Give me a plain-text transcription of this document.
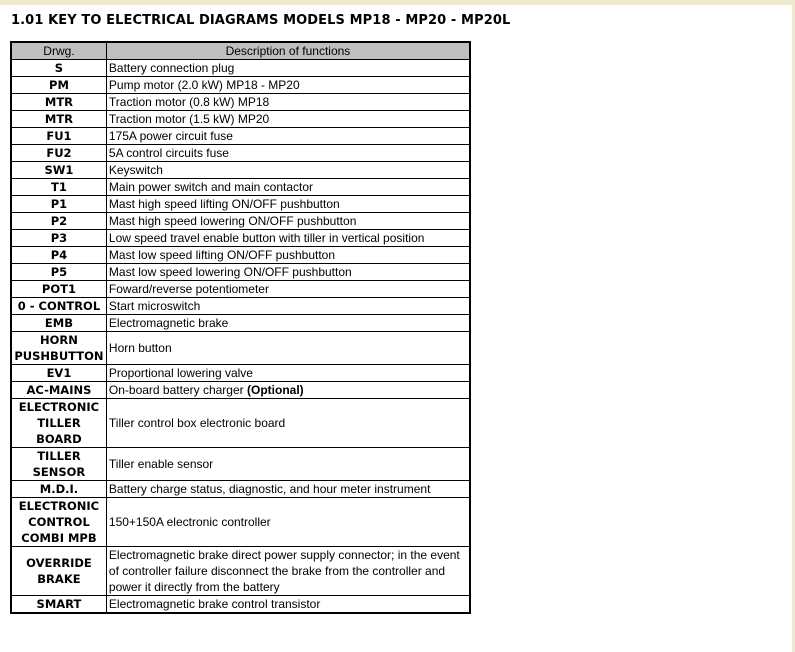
1.01 KEY TO ELECTRICAL DIAGRAMS MODELS MP18 - MP20 - MP20L
Drwg.	Description of functions
S	Battery connection plug
PM	Pump motor (2.0 kW) MP18 - MP20
MTR	Traction motor (0.8 kW) MP18
MTR	Traction motor (1.5 kW) MP20
FU1	175A power circuit fuse
FU2	5A control circuits fuse
SW1	Keyswitch
T1	Main power switch and main contactor
P1	Mast high speed lifting ON/OFF pushbutton
P2	Mast high speed lowering ON/OFF pushbutton
P3	Low speed travel enable button with tiller in vertical position
P4	Mast low speed lifting ON/OFF pushbutton
P5	Mast low speed lowering ON/OFF pushbutton
POT1	Foward/reverse potentiometer
0 - CONTROL	Start microswitch
EMB	Electromagnetic brake
HORN
PUSHBUTTON	Horn button
EV1	Proportional lowering valve
AC-MAINS	On-board battery charger (Optional)
ELECTRONIC
TILLER
BOARD	Tiller control box electronic board
TILLER
SENSOR	Tiller enable sensor
M.D.I.	Battery charge status, diagnostic, and hour meter instrument
ELECTRONIC
CONTROL
COMBI MPB	150+150A electronic controller
OVERRIDE
BRAKE	Electromagnetic brake direct power supply connector; in the event of controller failure disconnect the brake from the controller and power it directly from the battery
SMART	Electromagnetic brake control transistor
